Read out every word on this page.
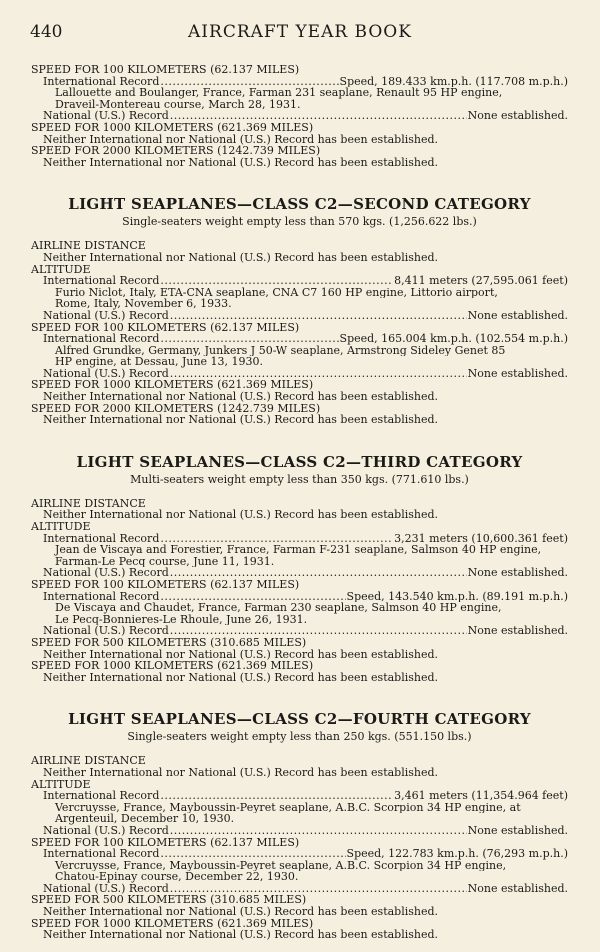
440	AIRCRAFT YEAR BOOK
SPEED FOR 100 KILOMETERS (62.137 MILES)
International Record .....	Speed, 189.433 km.p.h. (117.708 m.p.h.)
Lallouette and Boulanger, France, Farman 231 seaplane, Renault 95 HP engine,
Draveil-Montereau course, March 28, 1931.
National (U.S.) Record .....	None established.
SPEED FOR 1000 KILOMETERS (621.369 MILES)
Neither International nor National (U.S.) Record has been established.
SPEED FOR 2000 KILOMETERS (1242.739 MILES)
Neither International nor National (U.S.) Record has been established.
LIGHT SEAPLANES—CLASS C2—SECOND CATEGORY
Single-seaters weight empty less than 570 kgs. (1,256.622 lbs.)
AIRLINE DISTANCE
Neither International nor National (U.S.) Record has been established.
ALTITUDE
International Record .....	8,411 meters (27,595.061 feet)
Furio Niclot, Italy, ETA-CNA seaplane, CNA C7 160 HP engine, Littorio airport,
Rome, Italy, November 6, 1933.
National (U.S.) Record .....	None established.
SPEED FOR 100 KILOMETERS (62.137 MILES)
International Record .....	Speed, 165.004 km.p.h. (102.554 m.p.h.)
Alfred Grundke, Germany, Junkers J 50-W seaplane, Armstrong Sideley Genet 85
HP engine, at Dessau, June 13, 1930.
National (U.S.) Record .....	None established.
SPEED FOR 1000 KILOMETERS (621.369 MILES)
Neither International nor National (U.S.) Record has been established.
SPEED FOR 2000 KILOMETERS (1242.739 MILES)
Neither International nor National (U.S.) Record has been established.
LIGHT SEAPLANES—CLASS C2—THIRD CATEGORY
Multi-seaters weight empty less than 350 kgs. (771.610 lbs.)
AIRLINE DISTANCE
Neither International nor National (U.S.) Record has been established.
ALTITUDE
International Record .....	3,231 meters (10,600.361 feet)
Jean de Viscaya and Forestier, France, Farman F-231 seaplane, Salmson 40 HP engine,
Farman-Le Pecq course, June 11, 1931.
National (U.S.) Record .....	None established.
SPEED FOR 100 KILOMETERS (62.137 MILES)
International Record .....	Speed, 143.540 km.p.h. (89.191 m.p.h.)
De Viscaya and Chaudet, France, Farman 230 seaplane, Salmson 40 HP engine,
Le Pecq-Bonnieres-Le Rhoule, June 26, 1931.
National (U.S.) Record .....	None established.
SPEED FOR 500 KILOMETERS (310.685 MILES)
Neither International nor National (U.S.) Record has been established.
SPEED FOR 1000 KILOMETERS (621.369 MILES)
Neither International nor National (U.S.) Record has been established.
LIGHT SEAPLANES—CLASS C2—FOURTH CATEGORY
Single-seaters weight empty less than 250 kgs. (551.150 lbs.)
AIRLINE DISTANCE
Neither International nor National (U.S.) Record has been established.
ALTITUDE
International Record .....	3,461 meters (11,354.964 feet)
Vercruysse, France, Mayboussin-Peyret seaplane, A.B.C. Scorpion 34 HP engine, at
Argenteuil, December 10, 1930.
National (U.S.) Record .....	None established.
SPEED FOR 100 KILOMETERS (62.137 MILES)
International Record .....	Speed, 122.783 km.p.h. (76,293 m.p.h.)
Vercruysse, France, Mayboussin-Peyret seaplane, A.B.C. Scorpion 34 HP engine,
Chatou-Epinay course, December 22, 1930.
National (U.S.) Record .....	None established.
SPEED FOR 500 KILOMETERS (310.685 MILES)
Neither International nor National (U.S.) Record has been established.
SPEED FOR 1000 KILOMETERS (621.369 MILES)
Neither International nor National (U.S.) Record has been established.
